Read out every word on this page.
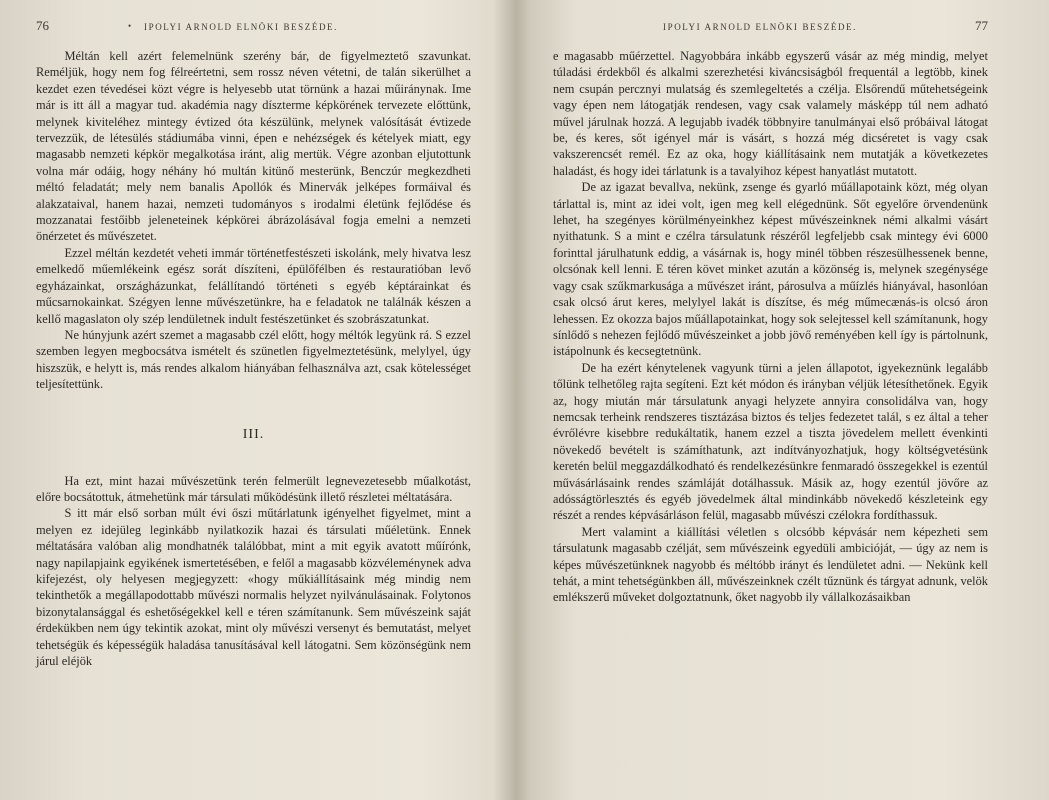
76
•	IPOLYI ARNOLD ELNÖKI BESZÉDE.

Méltán kell azért felemelnünk szerény bár, de figyelmeztető szavunkat. Reméljük, hogy nem fog félreértetni, sem rossz néven vétetni, de talán sikerülhet a kezdet ezen tévedései közt végre is helyesebb utat törnünk a hazai műiránynak. Ime már is itt áll a magyar tud. akadémia nagy díszterme képkörének tervezete előttünk, melynek kiviteléhez mintegy évtized óta készülünk, melynek valósítását évtizede tervezzük, de létesülés stádiumába vinni, épen e nehézségek és kételyek miatt, egy magasabb nemzeti képkör megalkotása iránt, alig mertük. Végre azonban eljutottunk volna már odáig, hogy néhány hó multán kitünő mesterünk, Benczúr megkezdheti méltó feladatát; mely nem banalis Apollók és Minervák jelképes formáival és alakzataival, hanem hazai, nemzeti tudományos s irodalmi életünk fejlődése és mozzanatai festőibb jeleneteinek képkörei ábrázolásával fogja emelni a nemzeti önérzetet és művészetet.

Ezzel méltán kezdetét veheti immár történetfestészeti iskolánk, mely hivatva lesz emelkedő műemlékeink egész sorát díszíteni, épülőfélben és restauratióban levő egyházainkat, országházunkat, felállítandó történeti s egyéb képtárainkat és műcsarnokainkat. Szégyen lenne művészetünkre, ha e feladatok ne találnák készen a kellő magaslaton oly szép lendületnek indult festészetünket és szobrászatunkat.

Ne húnyjunk azért szemet a magasabb czél előtt, hogy méltók legyünk rá. S ezzel szemben legyen megbocsátva ismételt és szünetlen figyelmeztetésünk, melylyel, úgy hiszszük, e helytt is, más rendes alkalom hiányában felhasználva azt, csak kötelességet teljesítettünk.

III.

Ha ezt, mint hazai művészetünk terén felmerült legnevezetesebb műalkotást, előre bocsátottuk, átmehetünk már társulati működésünk illető részletei méltatására.

S itt már első sorban múlt évi őszi műtárlatunk igényelhet figyelmet, mint a melyen ez idejüleg leginkább nyilatkozik hazai és társulati műéletünk. Ennek méltatására valóban alig mondhatnék találóbbat, mint a mit egyik avatott műírónk, nagy napilapjaink egyikének ismertetésében, e felől a magasabb közvéleménynek adva kifejezést, oly helyesen megjegyzett: «hogy műkiállításaink még mindig nem tekinthetők a megállapodottabb művészi normalis helyzet nyilvánulásainak. Folytonos bizonytalansággal és eshetőségekkel kell e téren számítanunk. Sem művészeink saját érdekükben nem úgy tekintik azokat, mint oly művészi versenyt és bemutatást, melyet tehetségük és képességük haladása tanusításával kell látogatni. Sem közönségünk nem járul eléjök

IPOLYI ARNOLD ELNÖKI BESZÉDE.	77

e magasabb műérzettel. Nagyobbára inkább egyszerű vásár az még mindig, melyet túladási érdekből és alkalmi szerezhetési kiváncsiságból frequentál a legtöbb, kinek nem csupán percznyi mulatság és szemlegeltetés a czélja. Elsőrendű műtehetségeink vagy épen nem látogatják rendesen, vagy csak valamely másképp túl nem adható művel járulnak hozzá. A legujabb ivadék többnyire tanulmányai első próbáival látogat be, és keres, sőt igényel már is vásárt, s hozzá még dicséretet is vagy csak vakszerencsét remél. Ez az oka, hogy kiállításaink nem mutatják a következetes haladást, és hogy idei tárlatunk is a tavalyihoz képest hanyatlást mutatott.

De az igazat bevallva, nekünk, zsenge és gyarló műállapotaink közt, még olyan tárlattal is, mint az idei volt, igen meg kell elégednünk. Sőt egyelőre örvendenünk lehet, ha szegényes körülményeinkhez képest művészeinknek némi alkalmi vásárt nyithatunk. S a mint e czélra társulatunk részéről legfeljebb csak mintegy évi 6000 forinttal járulhatunk eddig, a vásárnak is, hogy minél többen részesülhessenek benne, olcsónak kell lenni. E téren követ minket azután a közönség is, melynek szegénysége vagy csak szűkmarkusága a művészet iránt, párosulva a műízlés hiányával, hasonlóan csak olcsó árut keres, melylyel lakát is díszítse, és még műmecænás-is olcsó áron lehessen. Ez okozza bajos műállapotainkat, hogy sok selejtessel kell számítanunk, hogy sínlődő s nehezen fejlődő művészeinket a jobb jövő reményében kell így is pártolnunk, istápolnunk és kecsegtetnünk.

De ha ezért kénytelenek vagyunk türni a jelen állapotot, igyekeznünk legalább tőlünk telhetőleg rajta segíteni. Ezt két módon és irányban véljük létesíthetőnek. Egyik az, hogy miután már társulatunk anyagi helyzete annyira consolidálva van, hogy nemcsak terheink rendszeres tisztázása biztos és teljes fedezetet talál, s ez által a teher évrőlévre kisebbre redukáltatik, hanem ezzel a tiszta jövedelem mellett évenkinti növekedő bevételt is számíthatunk, azt indítványozhatjuk, hogy költségvetésünk keretén belül meggazdálkodható és rendelkezésünkre fenmaradó összegekkel is ezentúl művásárlásaink rendes számláját dotálhassuk. Másik az, hogy ezentúl jövőre az adósságtörlesztés és egyéb jövedelmek által mindinkább növekedő készleteink egy részét a rendes képvásárláson felül, magasabb művészi czélokra fordíthassuk.

Mert valamint a kiállítási véletlen s olcsóbb képvásár nem képezheti sem társulatunk magasabb czélját, sem művészeink egyedüli ambicióját, — úgy az nem is képes művészetünknek nagyobb és méltóbb irányt és lendületet adni. — Nekünk kell tehát, a mint tehetségünkben áll, művészeinknek czélt tűznünk és tárgyat adnunk, velök emlékszerű műveket dolgoztatnunk, őket nagyobb ily vállalkozásaikban
